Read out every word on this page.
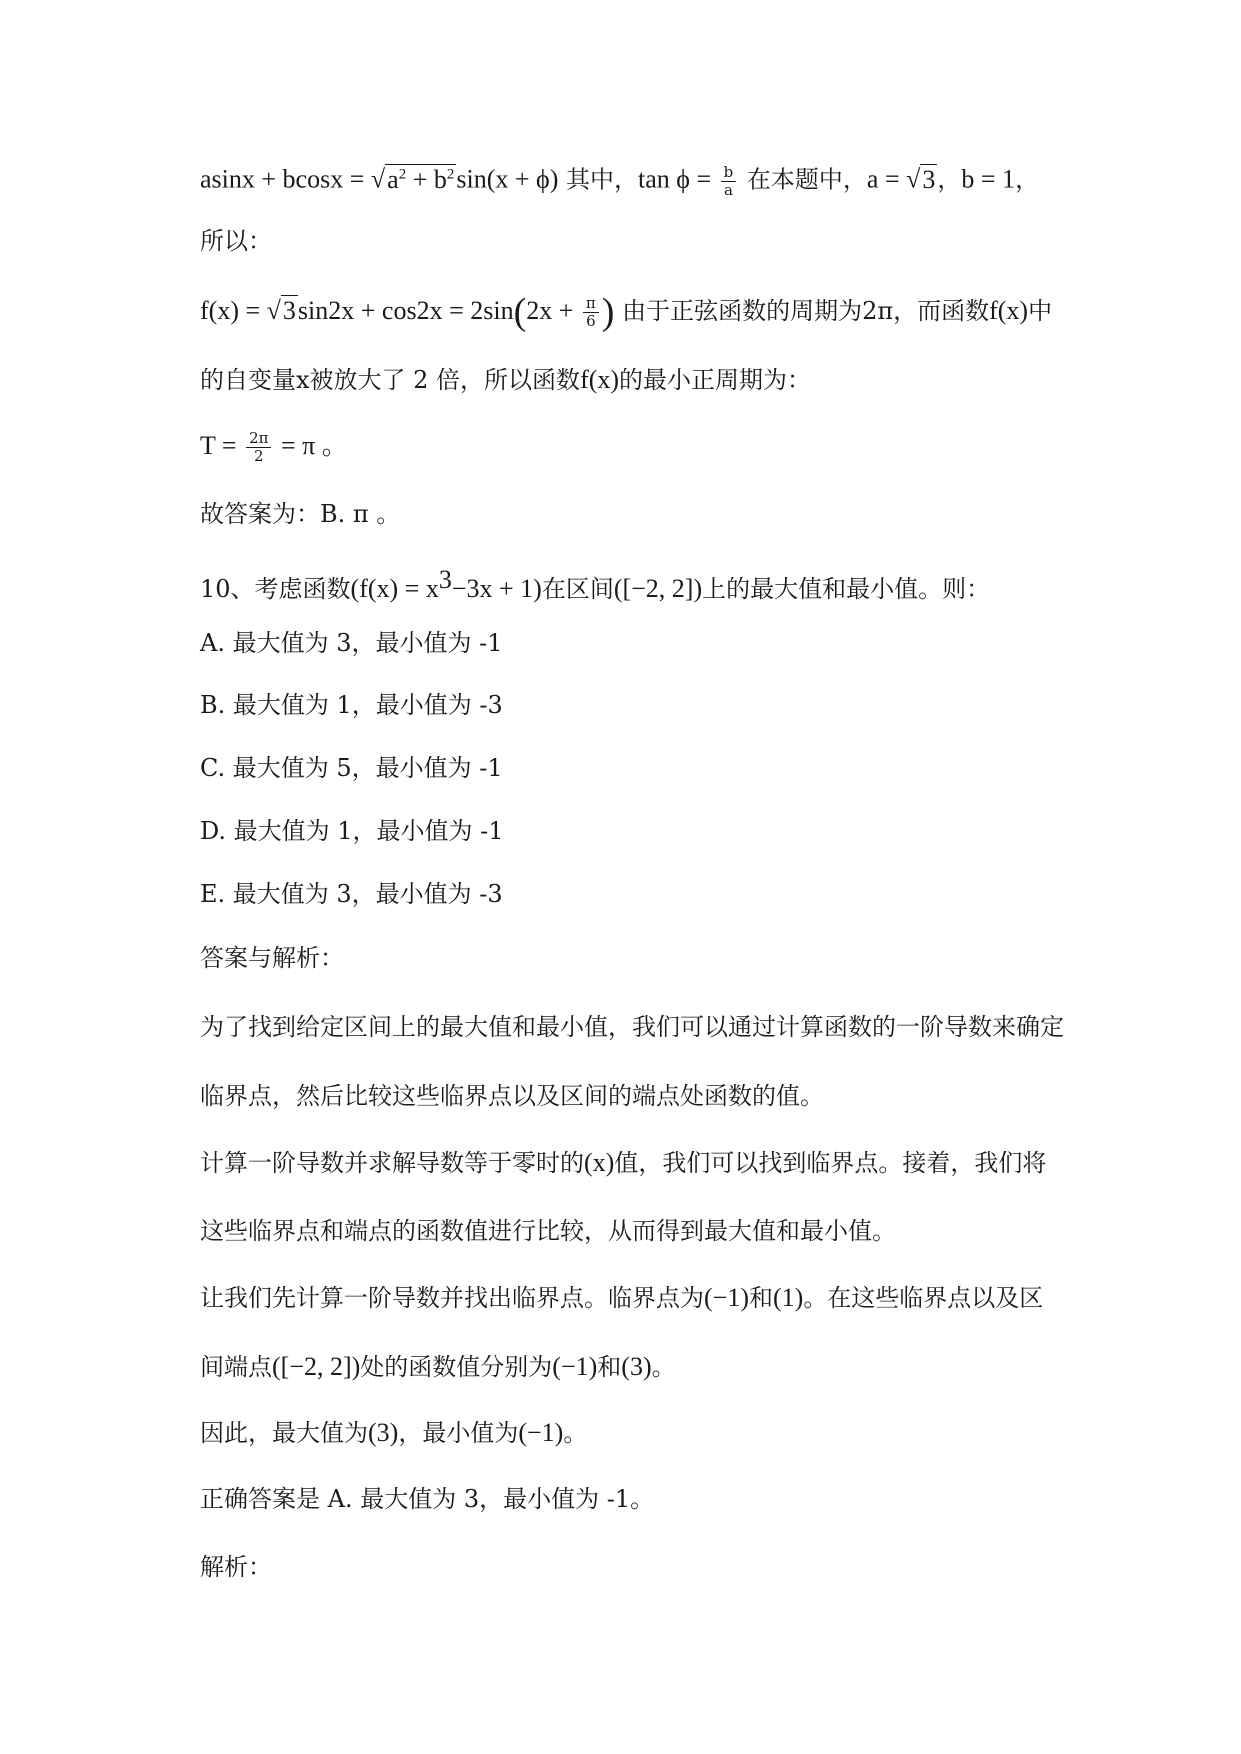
$asinx + bcosx = √a^2 + b^2\sin(x + \phi)$ 其中，$\tan \phi = \frac{b}{a}$ 在本题中，a = √3，b = 1，
所以：
$f(x) = √3\sin 2x + \cos 2x = 2\sin(2x + \frac{\pi}{6}$ ) 由于正弦函数的周期为2π，而函数f(x)中
的自变量x被放大了 2 倍，所以函数f(x)的最小正周期为：
$T = \frac{2\pi}{2} = \pi$ 。
故答案为：B. π 。
10、考虑函数$(f(x) = x^3-3x + 1)$在区间([−2, 2])上的最大值和最小值。则：
A. 最大值为 3，最小值为 -1
B. 最大值为 1，最小值为 -3
C. 最大值为 5，最小值为 -1
D. 最大值为 1，最小值为 -1
E. 最大值为 3，最小值为 -3
答案与解析：
为了找到给定区间上的最大值和最小值，我们可以通过计算函数的一阶导数来确定
临界点，然后比较这些临界点以及区间的端点处函数的值。
计算一阶导数并求解导数等于零时的(x)值，我们可以找到临界点。接着，我们将
这些临界点和端点的函数值进行比较，从而得到最大值和最小值。
让我们先计算一阶导数并找出临界点。临界点为(−1)和(1)。在这些临界点以及区
间端点([−2, 2])处的函数值分别为(−1)和(3)。
因此，最大值为(3)，最小值为(−1)。
正确答案是 A. 最大值为 3，最小值为 -1。
解析：
